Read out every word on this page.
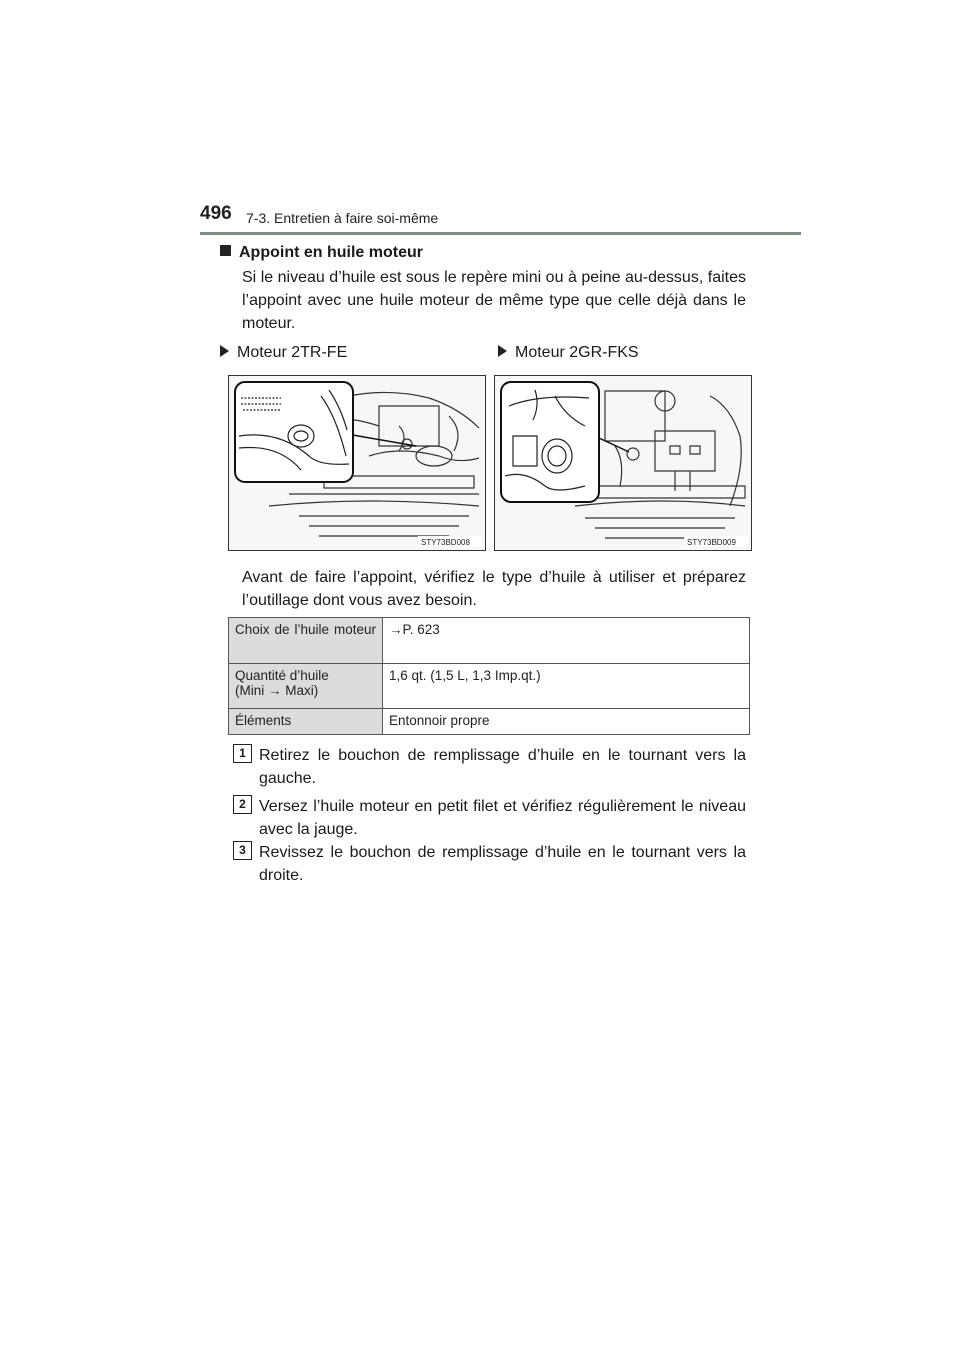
496 7-3. Entretien à faire soi-même
Appoint en huile moteur
Si le niveau d’huile est sous le repère mini ou à peine au-dessus, faites l’appoint avec une huile moteur de même type que celle déjà dans le moteur.
Moteur 2TR-FE	Moteur 2GR-FKS
STY73BD008	STY73BD009
Avant de faire l’appoint, vérifiez le type d’huile à utiliser et préparez l’outillage dont vous avez besoin.
Choix de l’huile moteur	→P. 623

Quantité d’huile
(Mini → Maxi)	1,6 qt. (1,5 L, 1,3 Imp.qt.)
Éléments	Entonnoir propre
1 Retirez le bouchon de remplissage d’huile en le tournant vers la gauche.
2 Versez l’huile moteur en petit filet et vérifiez régulièrement le niveau avec la jauge.
3 Revissez le bouchon de remplissage d’huile en le tournant vers la droite.
